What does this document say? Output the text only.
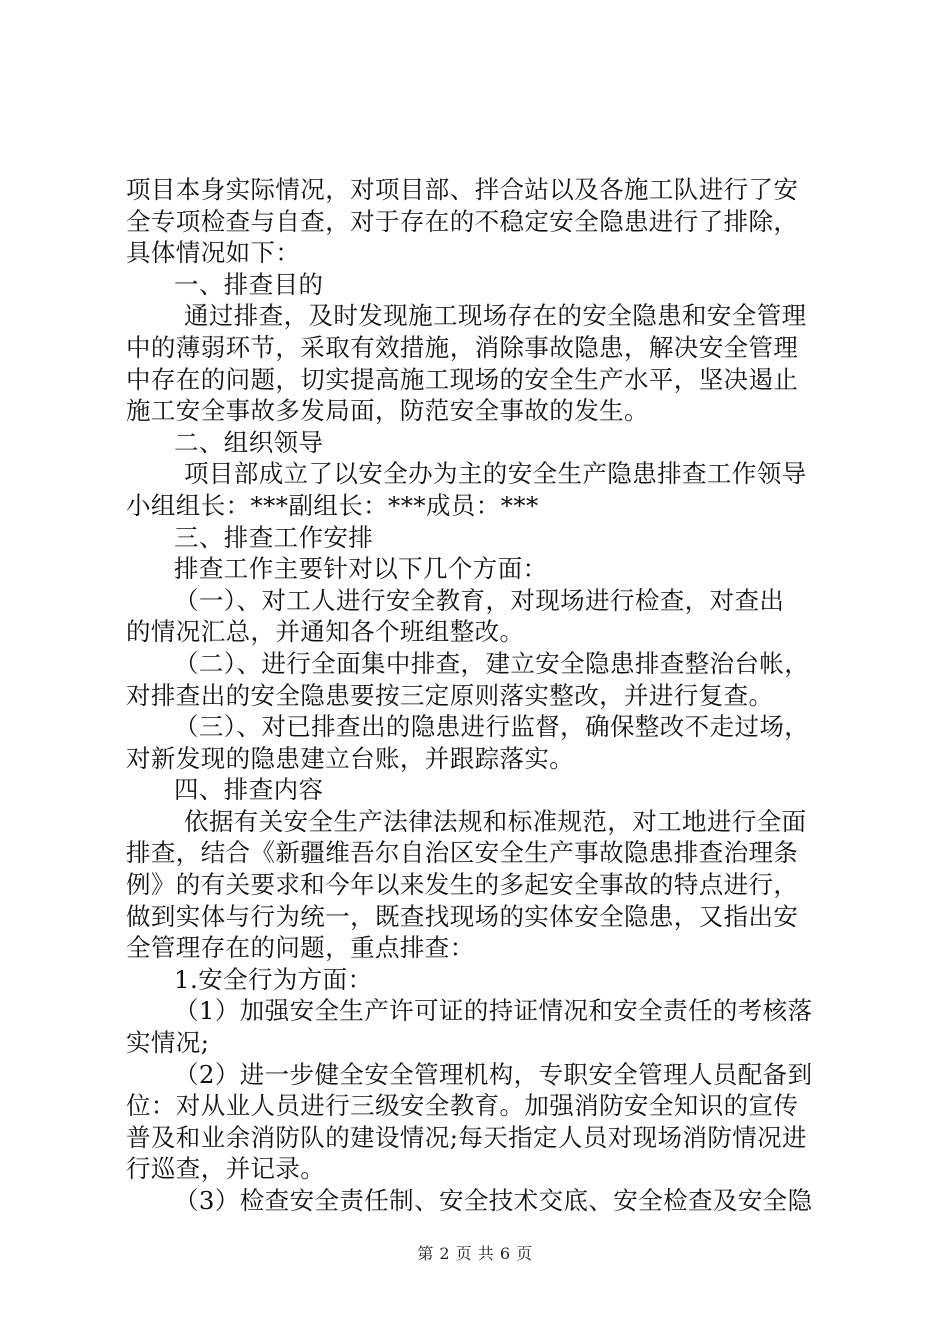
项目本身实际情况，对项目部、拌合站以及各施工队进行了安
全专项检查与自查，对于存在的不稳定安全隐患进行了排除，
具体情况如下：
一、排查目的
通过排查，及时发现施工现场存在的安全隐患和安全管理
中的薄弱环节，采取有效措施，消除事故隐患，解决安全管理
中存在的问题，切实提高施工现场的安全生产水平，坚决遏止
施工安全事故多发局面，防范安全事故的发生。
二、组织领导
项目部成立了以安全办为主的安全生产隐患排查工作领导
小组组长：***副组长：***成员：***
三、排查工作安排
排查工作主要针对以下几个方面：
（一）、对工人进行安全教育，对现场进行检查，对查出
的情况汇总，并通知各个班组整改。
（二）、进行全面集中排查，建立安全隐患排查整治台帐，
对排查出的安全隐患要按三定原则落实整改，并进行复查。
（三）、对已排查出的隐患进行监督，确保整改不走过场，
对新发现的隐患建立台账，并跟踪落实。
四、排查内容
依据有关安全生产法律法规和标准规范，对工地进行全面
排查，结合《新疆维吾尔自治区安全生产事故隐患排查治理条
例》的有关要求和今年以来发生的多起安全事故的特点进行，
做到实体与行为统一，既查找现场的实体安全隐患，又指出安
全管理存在的问题，重点排查：
1.安全行为方面：
（1）加强安全生产许可证的持证情况和安全责任的考核落
实情况;
（2）进一步健全安全管理机构，专职安全管理人员配备到
位：对从业人员进行三级安全教育。加强消防安全知识的宣传
普及和业余消防队的建设情况;每天指定人员对现场消防情况进
行巡查，并记录。
（3）检查安全责任制、安全技术交底、安全检查及安全隐
第 2 页 共 6 页
